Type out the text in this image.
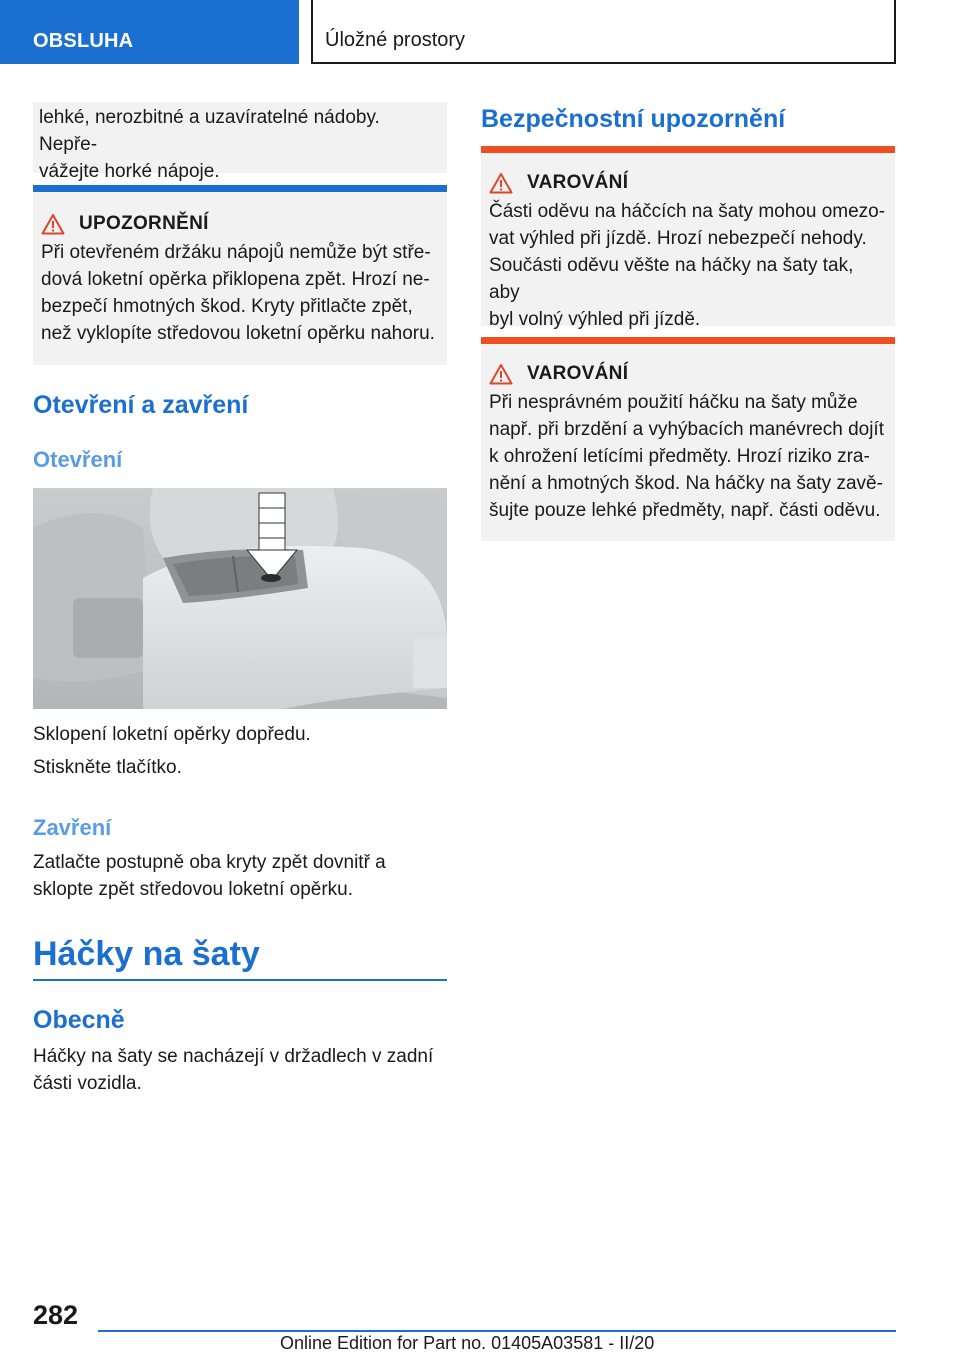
OBSLUHA	Úložné prostory
lehké, nerozbitné a uzavíratelné nádoby. Nepře-
vážejte horké nápoje.
UPOZORNĚNÍ
Při otevřeném držáku nápojů nemůže být stře-
dová loketní opěrka přiklopena zpět. Hrozí ne-
bezpečí hmotných škod. Kryty přitlačte zpět,
než vyklopíte středovou loketní opěrku nahoru.
Otevření a zavření
Otevření
Sklopení loketní opěrky dopředu.
Stiskněte tlačítko.
Zavření
Zatlačte postupně oba kryty zpět dovnitř a
sklopte zpět středovou loketní opěrku.
Háčky na šaty
Obecně
Háčky na šaty se nacházejí v držadlech v zadní
části vozidla.
Bezpečnostní upozornění
VAROVÁNÍ
Části oděvu na háčcích na šaty mohou omezo-
vat výhled při jízdě. Hrozí nebezpečí nehody.
Součásti oděvu věšte na háčky na šaty tak, aby
byl volný výhled při jízdě.
VAROVÁNÍ
Při nesprávném použití háčku na šaty může
např. při brzdění a vyhýbacích manévrech dojít
k ohrožení letícími předměty. Hrozí riziko zra-
nění a hmotných škod. Na háčky na šaty zavě-
šujte pouze lehké předměty, např. části oděvu.
282
Online Edition for Part no. 01405A03581 - II/20
